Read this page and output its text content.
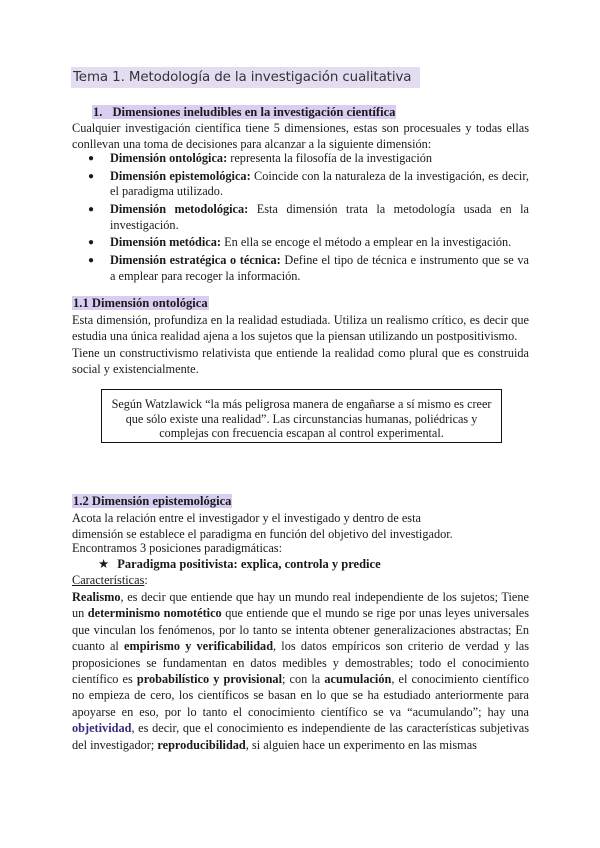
Tema 1. Metodología de la investigación cualitativa
1. Dimensiones ineludibles en la investigación científica
Cualquier investigación científica tiene 5 dimensiones, estas son procesuales y todas ellas conllevan una toma de decisiones para alcanzar a la siguiente dimensión:
● Dimensión ontológica: representa la filosofía de la investigación
● Dimensión epistemológica: Coincide con la naturaleza de la investigación, es decir, el paradigma utilizado.
● Dimensión metodológica: Esta dimensión trata la metodología usada en la investigación.
● Dimensión metódica: En ella se encoge el método a emplear en la investigación.
● Dimensión estratégica o técnica: Define el tipo de técnica e instrumento que se va a emplear para recoger la información.
1.1 Dimensión ontológica
Esta dimensión, profundiza en la realidad estudiada. Utiliza un realismo crítico, es decir que estudia una única realidad ajena a los sujetos que la piensan utilizando un postpositivismo.
Tiene un constructivismo relativista que entiende la realidad como plural que es construida social y existencialmente.
Según Watzlawick “la más peligrosa manera de engañarse a sí mismo es creer que sólo existe una realidad”. Las circunstancias humanas, poliédricas y complejas con frecuencia escapan al control experimental.
1.2 Dimensión epistemológica
Acota la relación entre el investigador y el investigado y dentro de esta dimensión se establece el paradigma en función del objetivo del investigador.
Encontramos 3 posiciones paradigmáticas:
★ Paradigma positivista: explica, controla y predice
Características:
Realismo, es decir que entiende que hay un mundo real independiente de los sujetos; Tiene un determinismo nomotético que entiende que el mundo se rige por unas leyes universales que vinculan los fenómenos, por lo tanto se intenta obtener generalizaciones abstractas; En cuanto al empirismo y verificabilidad, los datos empíricos son criterio de verdad y las proposiciones se fundamentan en datos medibles y demostrables; todo el conocimiento científico es probabilístico y provisional; con la acumulación, el conocimiento científico no empieza de cero, los científicos se basan en lo que se ha estudiado anteriormente para apoyarse en eso, por lo tanto el conocimiento científico se va “acumulando”; hay una objetividad, es decir, que el conocimiento es independiente de las características subjetivas del investigador; reproducibilidad, si alguien hace un experimento en las mismas
